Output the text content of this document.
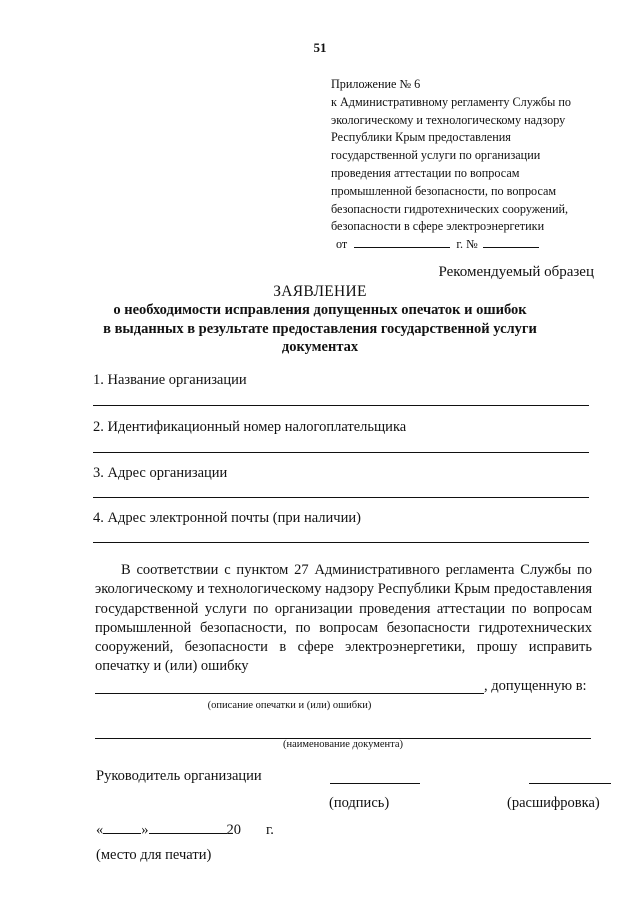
51
Приложение № 6
к Административному регламенту Службы по
экологическому и технологическому надзору
Республики Крым предоставления
государственной услуги по организации
проведения аттестации по вопросам
промышленной безопасности, по вопросам
безопасности гидротехнических сооружений,
безопасности в сфере электроэнергетики
от	г. №
Рекомендуемый образец
ЗАЯВЛЕНИЕ
о необходимости исправления допущенных опечаток и ошибок
в выданных в результате предоставления государственной услуги
документах
1. Название организации
2. Идентификационный номер налогоплательщика
3. Адрес организации
4. Адрес электронной почты (при наличии)
В соответствии с пунктом 27 Административного регламента Службы по экологическому и технологическому надзору Республики Крым предоставления государственной услуги по организации проведения аттестации по вопросам промышленной безопасности, по вопросам безопасности гидротехнических сооружений, безопасности в сфере электроэнергетики, прошу исправить опечатку и (или) ошибку
, допущенную в:
(описание опечатки и (или) ошибки)
(наименование документа)
Руководитель организации
(подпись)	(расшифровка)
«	»	20 г.
(место для печати)
